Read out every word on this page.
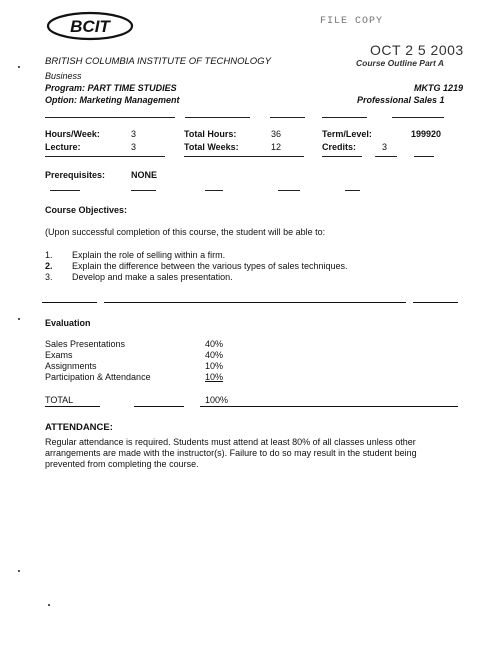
BCIT	FILE COPY
OCT 2 5 2003
BRITISH COLUMBIA INSTITUTE OF TECHNOLOGY	Course Outline Part A
Business
Program: PART TIME STUDIES
Option: Marketing Management
MKTG 1219
Professional Sales 1
Hours/Week:	3	Total Hours:	36	Term/Level:	199920
Lecture:	3	Total Weeks:	12	Credits:	3
Prerequisites:	NONE
Course Objectives:
(Upon successful completion of this course, the student will be able to:
1. Explain the role of selling within a firm.
2. Explain the difference between the various types of sales techniques.
3. Develop and make a sales presentation.
Evaluation
Sales Presentations	40%
Exams	40%
Assignments	10%
Participation & Attendance	10%
TOTAL	100%
ATTENDANCE:
Regular attendance is required. Students must attend at least 80% of all classes unless other
arrangements are made with the instructor(s). Failure to do so may result in the student being
prevented from completing the course.
